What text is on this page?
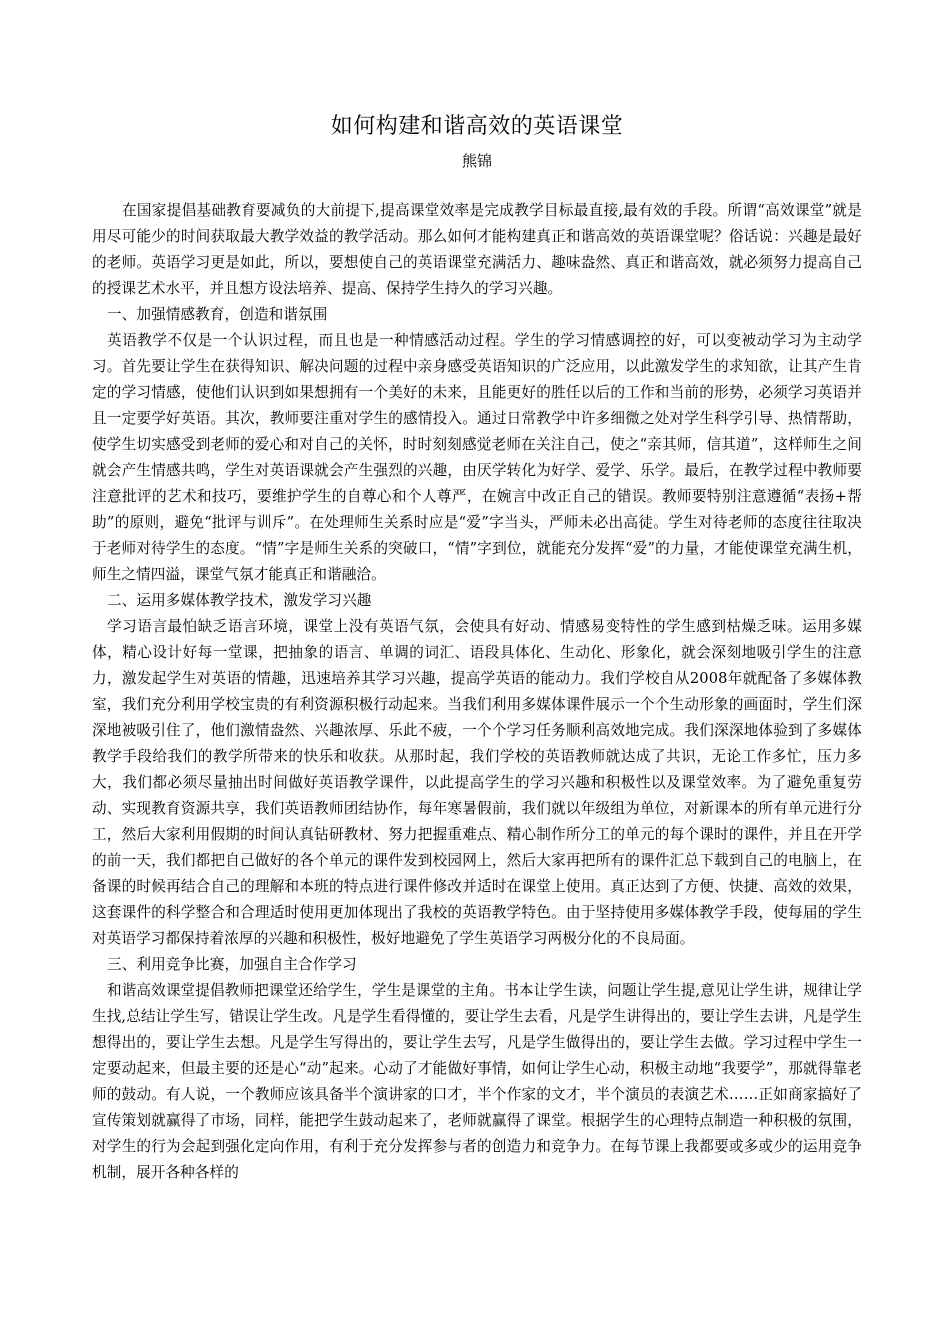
如何构建和谐高效的英语课堂
熊锦

在国家提倡基础教育要减负的大前提下,提高课堂效率是完成教学目标最直接,最有效的手段。所谓“高效课堂”就是用尽可能少的时间获取最大教学效益的教学活动。那么如何才能构建真正和谐高效的英语课堂呢？俗话说：兴趣是最好的老师。英语学习更是如此，所以，要想使自己的英语课堂充满活力、趣味盎然、真正和谐高效，就必须努力提高自己的授课艺术水平，并且想方设法培养、提高、保持学生持久的学习兴趣。

一、加强情感教育，创造和谐氛围

英语教学不仅是一个认识过程，而且也是一种情感活动过程。学生的学习情感调控的好，可以变被动学习为主动学习。首先要让学生在获得知识、解决问题的过程中亲身感受英语知识的广泛应用，以此激发学生的求知欲，让其产生肯定的学习情感，使他们认识到如果想拥有一个美好的未来，且能更好的胜任以后的工作和当前的形势，必须学习英语并且一定要学好英语。其次，教师要注重对学生的感情投入。通过日常教学中许多细微之处对学生科学引导、热情帮助，使学生切实感受到老师的爱心和对自己的关怀，时时刻刻感觉老师在关注自己，使之“亲其师，信其道”，这样师生之间就会产生情感共鸣，学生对英语课就会产生强烈的兴趣，由厌学转化为好学、爱学、乐学。最后，在教学过程中教师要注意批评的艺术和技巧，要维护学生的自尊心和个人尊严，在婉言中改正自己的错误。教师要特别注意遵循“表扬+帮助”的原则，避免“批评与训斥”。在处理师生关系时应是“爱”字当头，严师未必出高徒。学生对待老师的态度往往取决于老师对待学生的态度。“情”字是师生关系的突破口，“情”字到位，就能充分发挥“爱”的力量，才能使课堂充满生机，师生之情四溢，课堂气氛才能真正和谐融洽。

二、运用多媒体教学技术，激发学习兴趣

学习语言最怕缺乏语言环境，课堂上没有英语气氛，会使具有好动、情感易变特性的学生感到枯燥乏味。运用多媒体，精心设计好每一堂课，把抽象的语言、单调的词汇、语段具体化、生动化、形象化，就会深刻地吸引学生的注意力，激发起学生对英语的情趣，迅速培养其学习兴趣，提高学英语的能动力。我们学校自从2008年就配备了多媒体教室，我们充分利用学校宝贵的有利资源积极行动起来。当我们利用多媒体课件展示一个个生动形象的画面时，学生们深深地被吸引住了，他们激情盎然、兴趣浓厚、乐此不疲，一个个学习任务顺利高效地完成。我们深深地体验到了多媒体教学手段给我们的教学所带来的快乐和收获。从那时起，我们学校的英语教师就达成了共识，无论工作多忙，压力多大，我们都必须尽量抽出时间做好英语教学课件，以此提高学生的学习兴趣和积极性以及课堂效率。为了避免重复劳动、实现教育资源共享，我们英语教师团结协作，每年寒暑假前，我们就以年级组为单位，对新课本的所有单元进行分工，然后大家利用假期的时间认真钻研教材、努力把握重难点、精心制作所分工的单元的每个课时的课件，并且在开学的前一天，我们都把自己做好的各个单元的课件发到校园网上，然后大家再把所有的课件汇总下载到自己的电脑上，在备课的时候再结合自己的理解和本班的特点进行课件修改并适时在课堂上使用。真正达到了方便、快捷、高效的效果，这套课件的科学整合和合理适时使用更加体现出了我校的英语教学特色。由于坚持使用多媒体教学手段，使每届的学生对英语学习都保持着浓厚的兴趣和积极性，极好地避免了学生英语学习两极分化的不良局面。

三、利用竞争比赛，加强自主合作学习

和谐高效课堂提倡教师把课堂还给学生，学生是课堂的主角。书本让学生读，问题让学生提,意见让学生讲，规律让学生找,总结让学生写，错误让学生改。凡是学生看得懂的，要让学生去看，凡是学生讲得出的，要让学生去讲，凡是学生想得出的，要让学生去想。凡是学生写得出的，要让学生去写，凡是学生做得出的，要让学生去做。学习过程中学生一定要动起来，但最主要的还是心“动”起来。心动了才能做好事情，如何让学生心动，积极主动地“我要学”，那就得靠老师的鼓动。有人说，一个教师应该具备半个演讲家的口才，半个作家的文才，半个演员的表演艺术……正如商家搞好了宣传策划就赢得了市场，同样，能把学生鼓动起来了，老师就赢得了课堂。根据学生的心理特点制造一种积极的氛围，对学生的行为会起到强化定向作用，有利于充分发挥参与者的创造力和竞争力。在每节课上我都要或多或少的运用竞争机制，展开各种各样的
